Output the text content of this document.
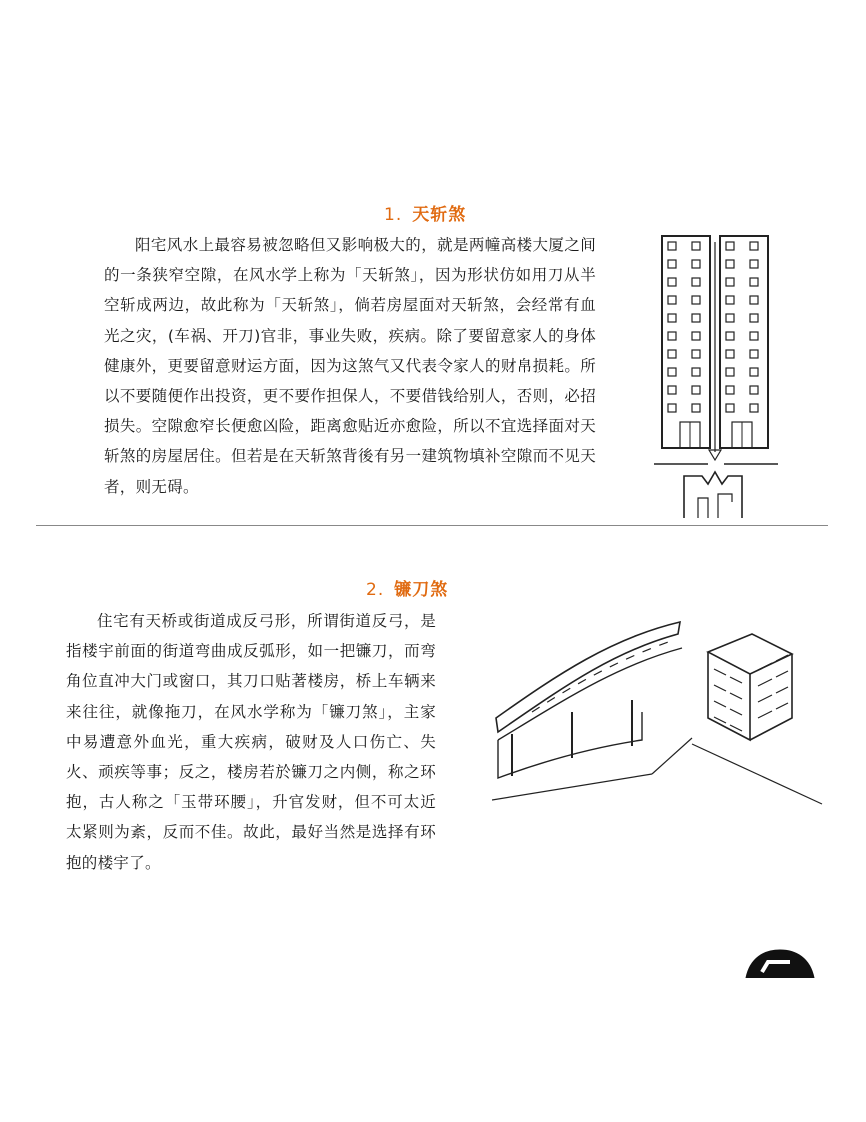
1. 天斩煞

阳宅风水上最容易被忽略但又影响极大的，就是两幢高楼大厦之间的一条狭窄空隙，在风水学上称为「天斩煞」，因为形状仿如用刀从半空斩成两边，故此称为「天斩煞」，倘若房屋面对天斩煞，会经常有血光之灾，(车祸、开刀)官非，事业失败，疾病。除了要留意家人的身体健康外，更要留意财运方面，因为这煞气又代表令家人的财帛损耗。所以不要随便作出投资，更不要作担保人，不要借钱给别人，否则，必招损失。空隙愈窄长便愈凶险，距离愈贴近亦愈险，所以不宜选择面对天斩煞的房屋居住。但若是在天斩煞背後有另一建筑物填补空隙而不见天者，则无碍。

2. 镰刀煞

住宅有天桥或街道成反弓形，所谓街道反弓，是指楼宇前面的街道弯曲成反弧形，如一把镰刀，而弯角位直冲大门或窗口，其刀口贴著楼房，桥上车辆来来往往，就像拖刀，在风水学称为「镰刀煞」，主家中易遭意外血光，重大疾病，破财及人口伤亡、失火、顽疾等事；反之，楼房若於镰刀之内侧，称之环抱，古人称之「玉带环腰」，升官发财，但不可太近太紧则为紊，反而不佳。故此，最好当然是选择有环抱的楼宇了。
